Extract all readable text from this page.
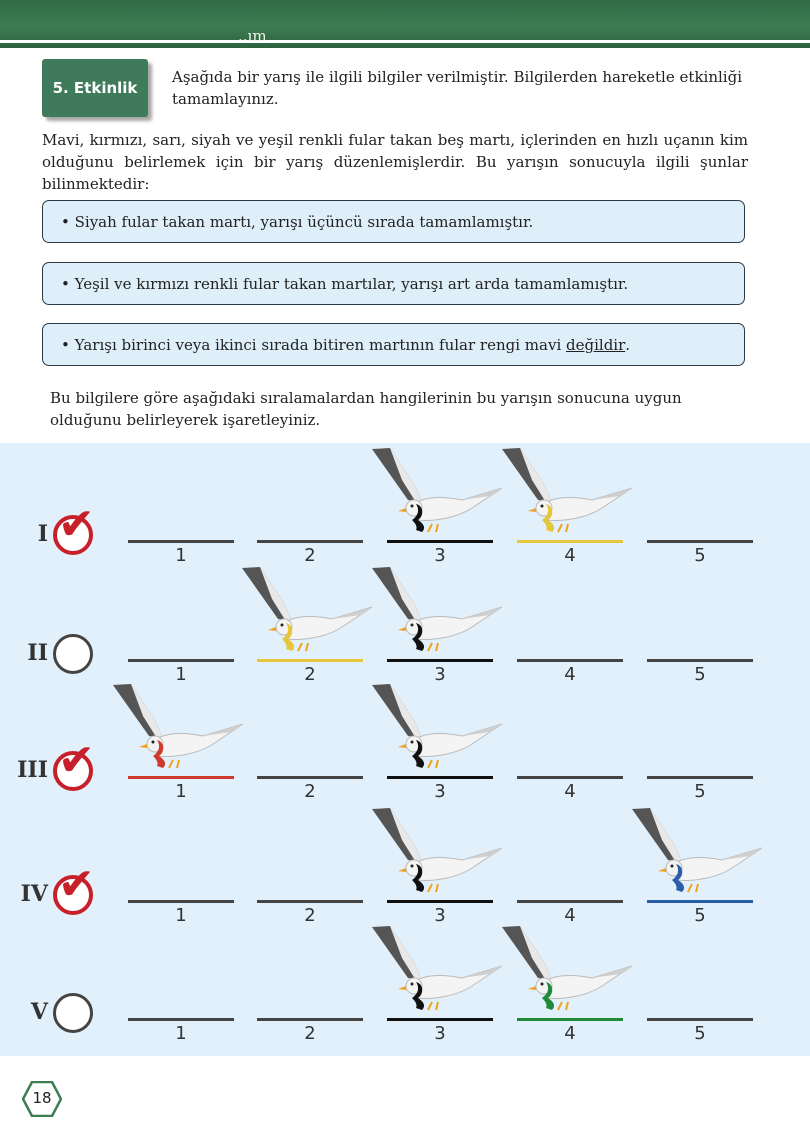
..ım
5. Etkinlik
Aşağıda bir yarış ile ilgili bilgiler verilmiştir. Bilgilerden hareketle etkinliği tamamlayınız.
Mavi, kırmızı, sarı, siyah ve yeşil renkli fular takan beş martı, içlerinden en hızlı uçanın kim olduğunu belirlemek için bir yarış düzenlemişlerdir. Bu yarışın sonucuyla ilgili şunlar bilinmektedir:
• Siyah fular takan martı, yarışı üçüncü sırada tamamlamıştır.
• Yeşil ve kırmızı renkli fular takan martılar, yarışı art arda tamamlamıştır.
• Yarışı birinci veya ikinci sırada bitiren martının fular rengi mavi değildir .
Bu bilgilere göre aşağıdaki sıralamalardan hangilerinin bu yarışın sonucuna uygun olduğunu belirleyerek işaretleyiniz.
I ✔
1	2	3	4	5
II
1	2	3	4	5
III ✔
1	2	3	4	5
IV ✔
1	2	3	4	5
V
1	2	3	4	5
18
